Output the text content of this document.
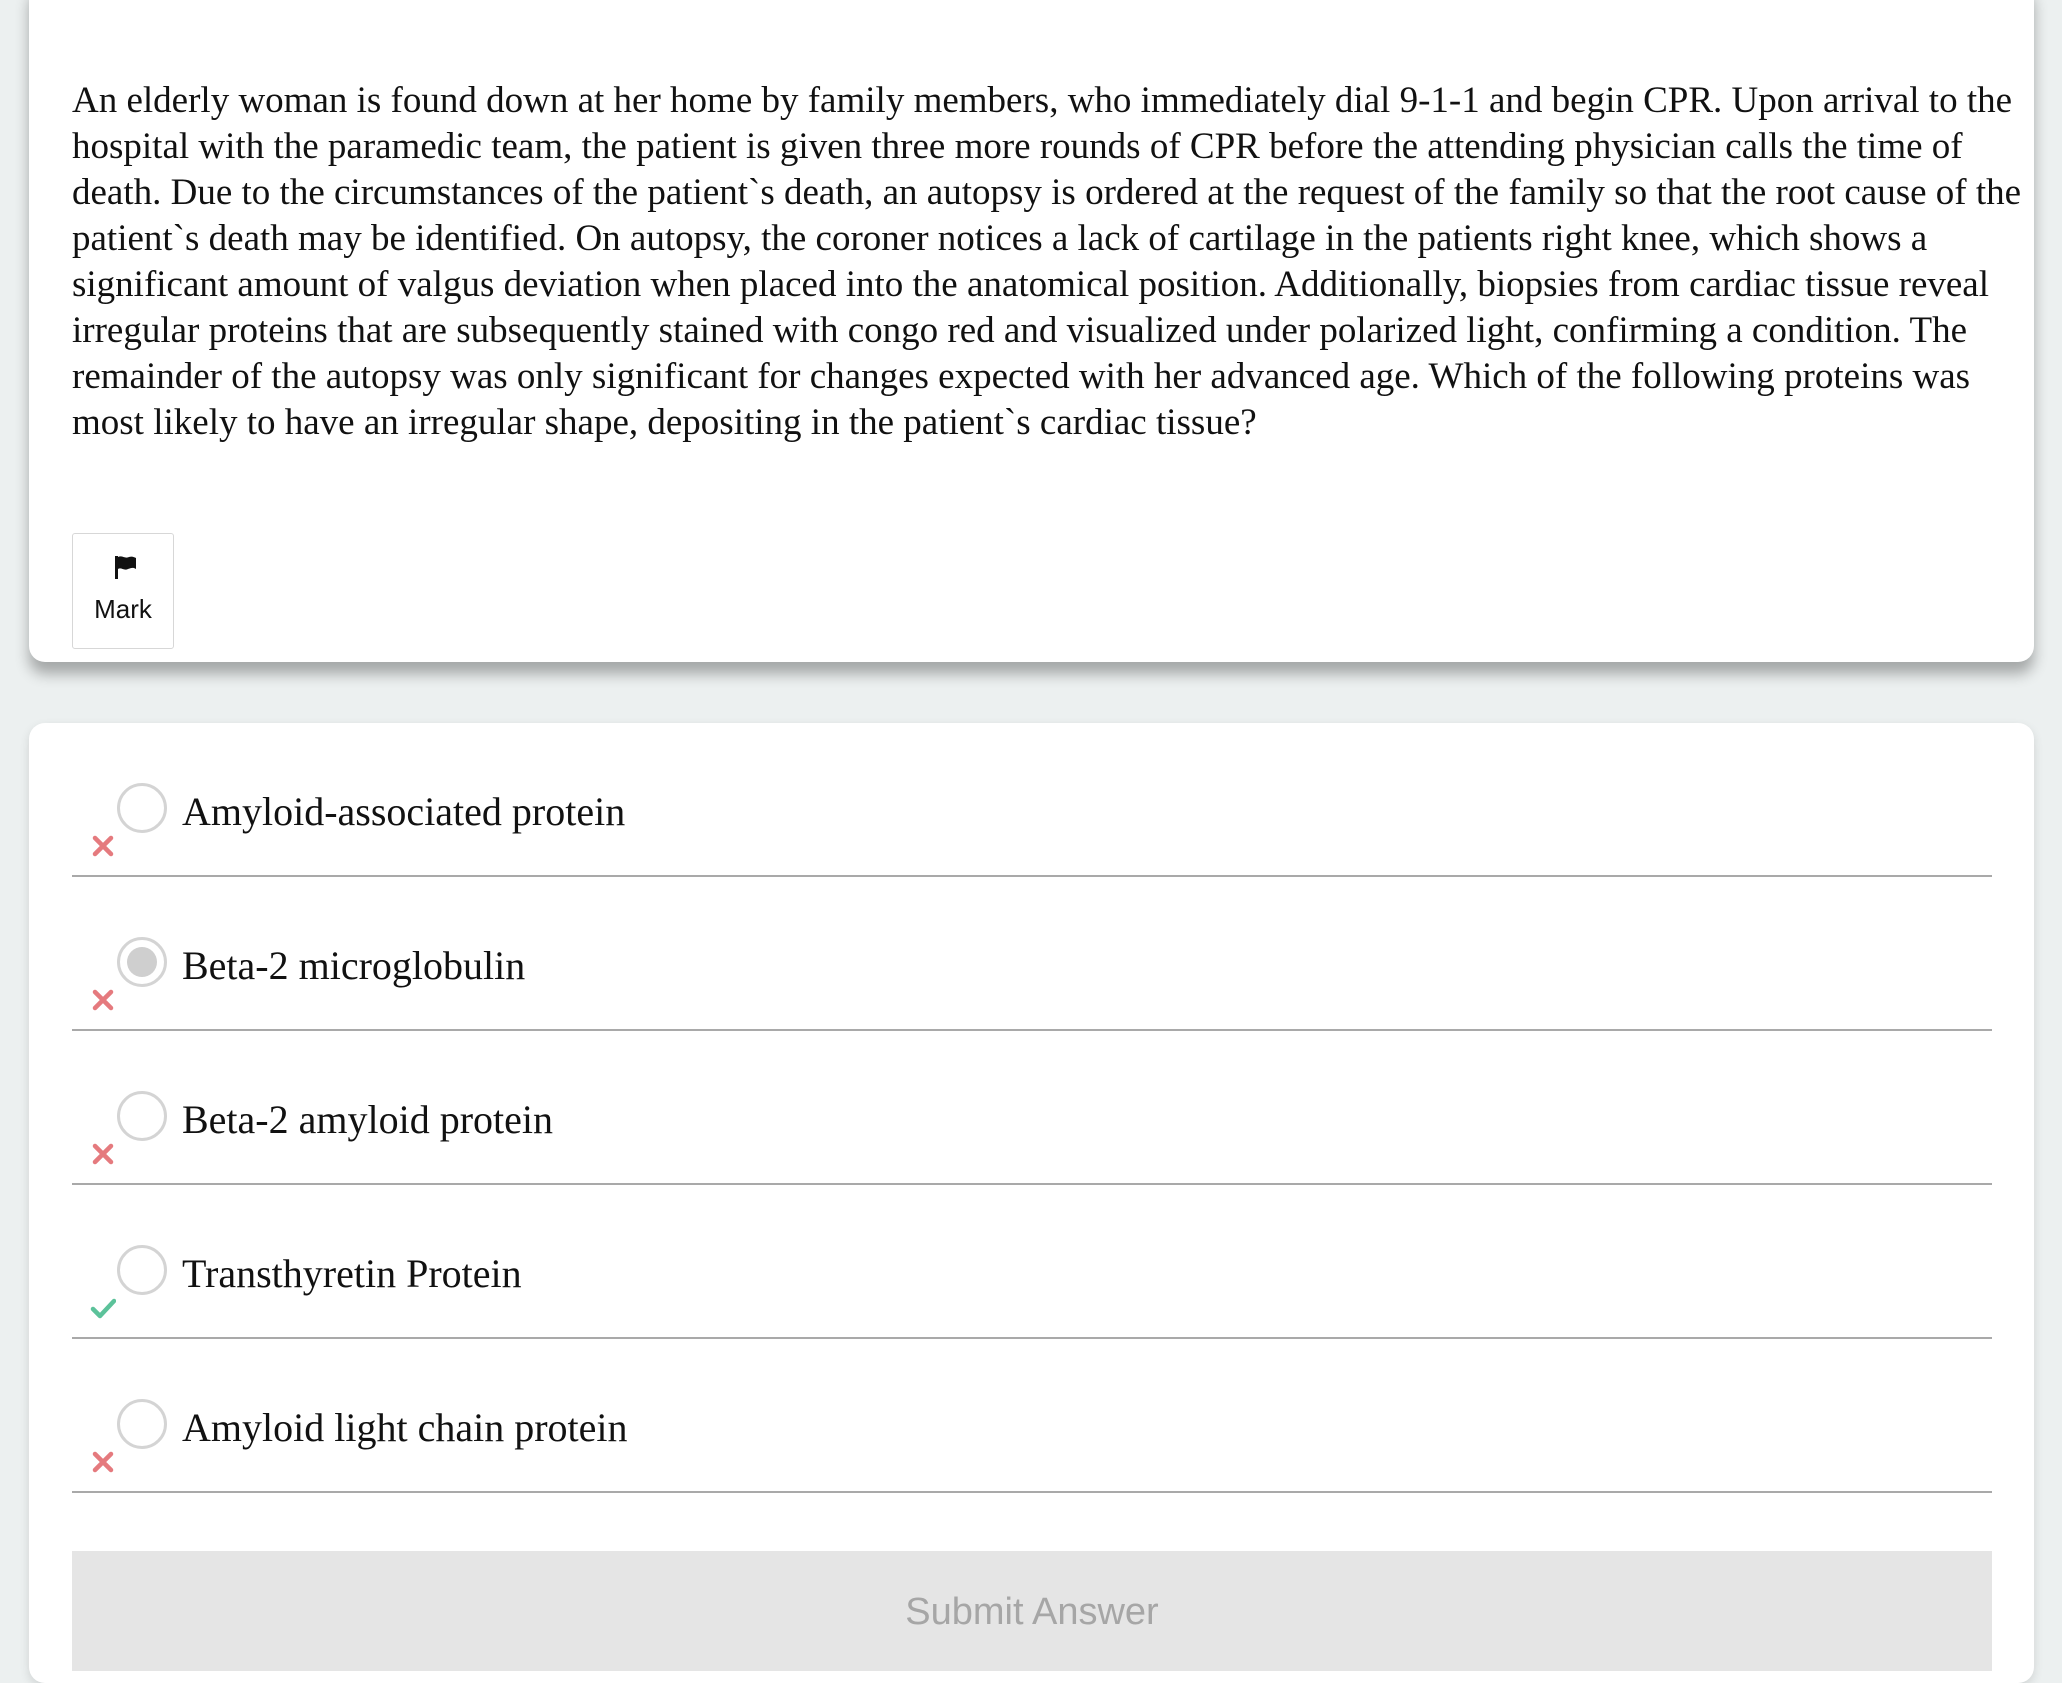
An elderly woman is found down at her home by family members, who immediately dial 9-1-1 and begin CPR. Upon arrival to the hospital with the paramedic team, the patient is given three more rounds of CPR before the attending physician calls the time of death. Due to the circumstances of the patient`s death, an autopsy is ordered at the request of the family so that the root cause of the patient`s death may be identified. On autopsy, the coroner notices a lack of cartilage in the patients right knee, which shows a significant amount of valgus deviation when placed into the anatomical position. Additionally, biopsies from cardiac tissue reveal irregular proteins that are subsequently stained with congo red and visualized under polarized light, confirming a condition. The remainder of the autopsy was only significant for changes expected with her advanced age. Which of the following proteins was most likely to have an irregular shape, depositing in the patient`s cardiac tissue?

Mark
Amyloid-associated protein
Beta-2 microglobulin
Beta-2 amyloid protein
Transthyretin Protein
Amyloid light chain protein
Submit Answer
